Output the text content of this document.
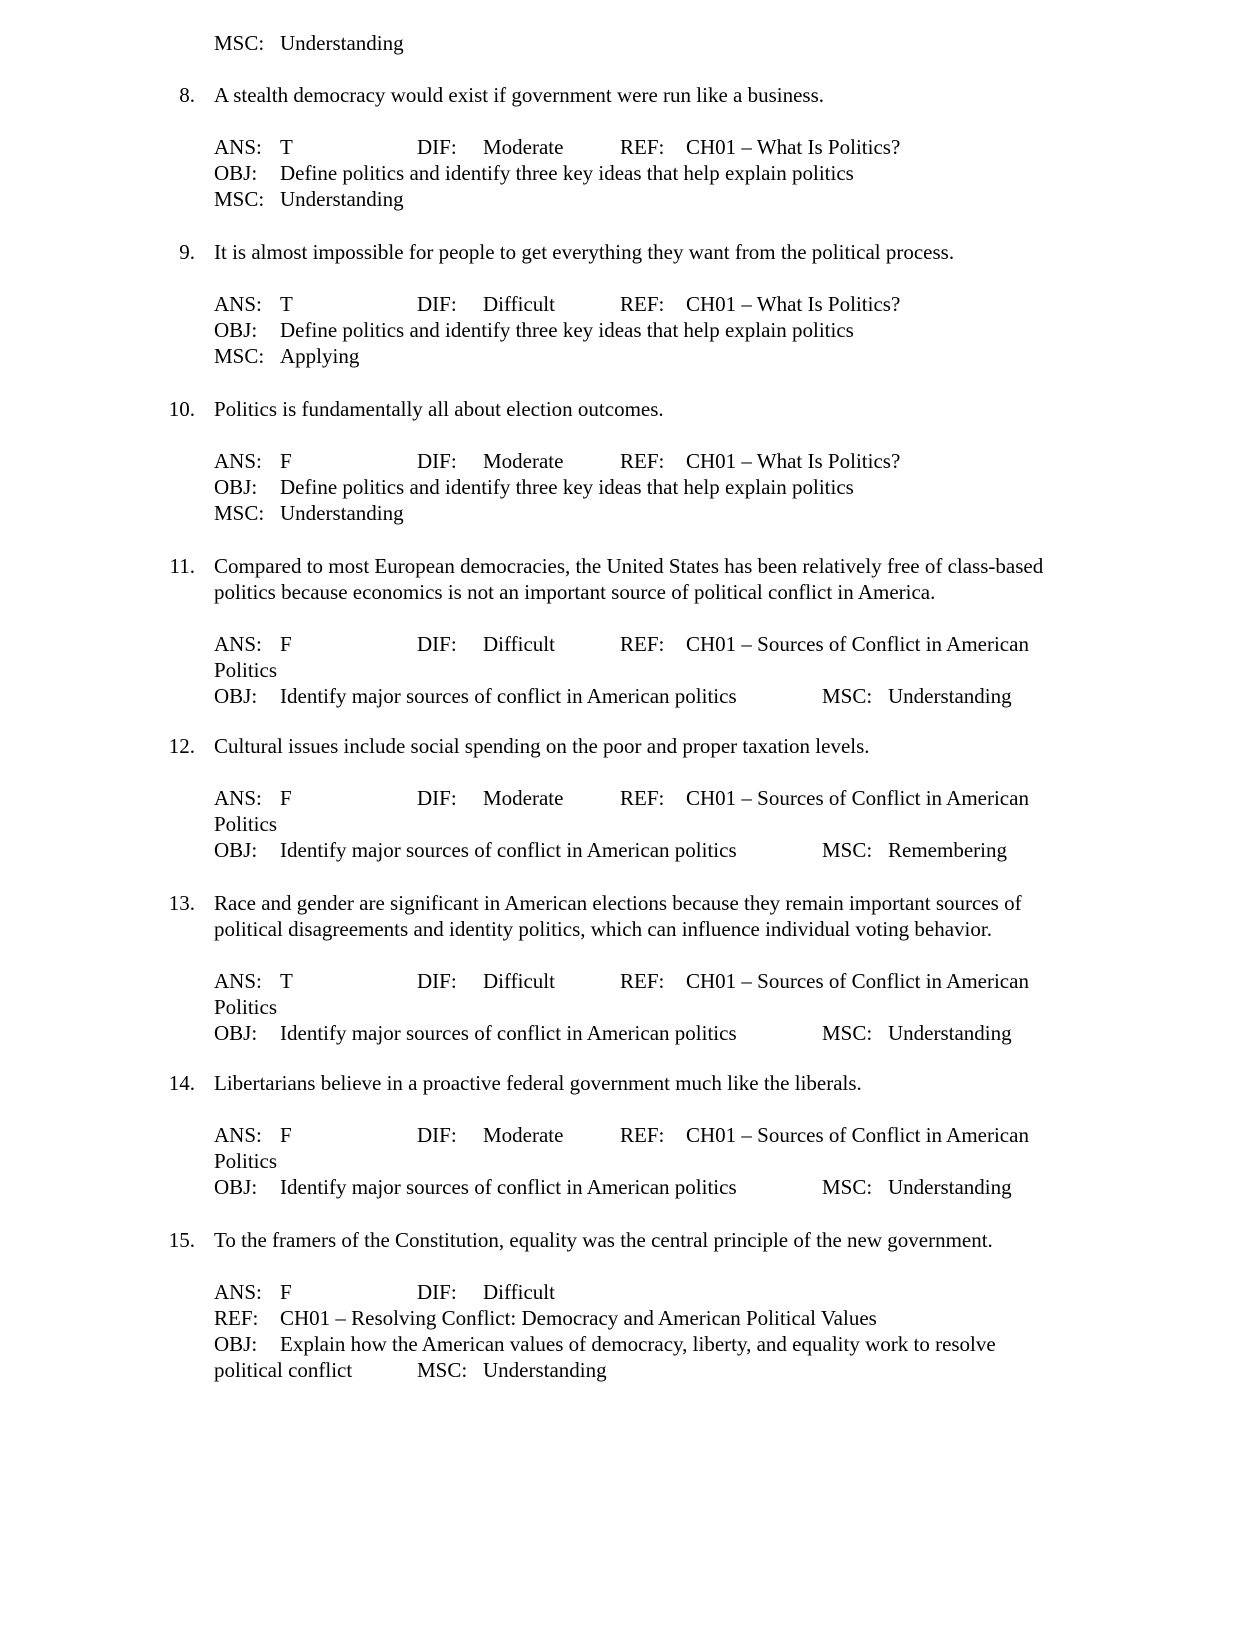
MSC: Understanding
8. A stealth democracy would exist if government were run like a business.
ANS: T	DIF: Moderate	REF: CH01 – What Is Politics?
OBJ: Define politics and identify three key ideas that help explain politics
MSC: Understanding
9. It is almost impossible for people to get everything they want from the political process.
ANS: T	DIF: Difficult	REF: CH01 – What Is Politics?
OBJ: Define politics and identify three key ideas that help explain politics
MSC: Applying
10. Politics is fundamentally all about election outcomes.
ANS: F	DIF: Moderate	REF: CH01 – What Is Politics?
OBJ: Define politics and identify three key ideas that help explain politics
MSC: Understanding
11. Compared to most European democracies, the United States has been relatively free of class-based
politics because economics is not an important source of political conflict in America.
ANS: F	DIF: Difficult	REF: CH01 – Sources of Conflict in American
Politics
OBJ: Identify major sources of conflict in American politics	MSC: Understanding
12. Cultural issues include social spending on the poor and proper taxation levels.
ANS: F	DIF: Moderate	REF: CH01 – Sources of Conflict in American
Politics
OBJ: Identify major sources of conflict in American politics	MSC: Remembering
13. Race and gender are significant in American elections because they remain important sources of
political disagreements and identity politics, which can influence individual voting behavior.
ANS: T	DIF: Difficult	REF: CH01 – Sources of Conflict in American
Politics
OBJ: Identify major sources of conflict in American politics	MSC: Understanding
14. Libertarians believe in a proactive federal government much like the liberals.
ANS: F	DIF: Moderate	REF: CH01 – Sources of Conflict in American
Politics
OBJ: Identify major sources of conflict in American politics	MSC: Understanding
15. To the framers of the Constitution, equality was the central principle of the new government.
ANS: F	DIF: Difficult
REF: CH01 – Resolving Conflict: Democracy and American Political Values
OBJ: Explain how the American values of democracy, liberty, and equality work to resolve
political conflict	MSC: Understanding
